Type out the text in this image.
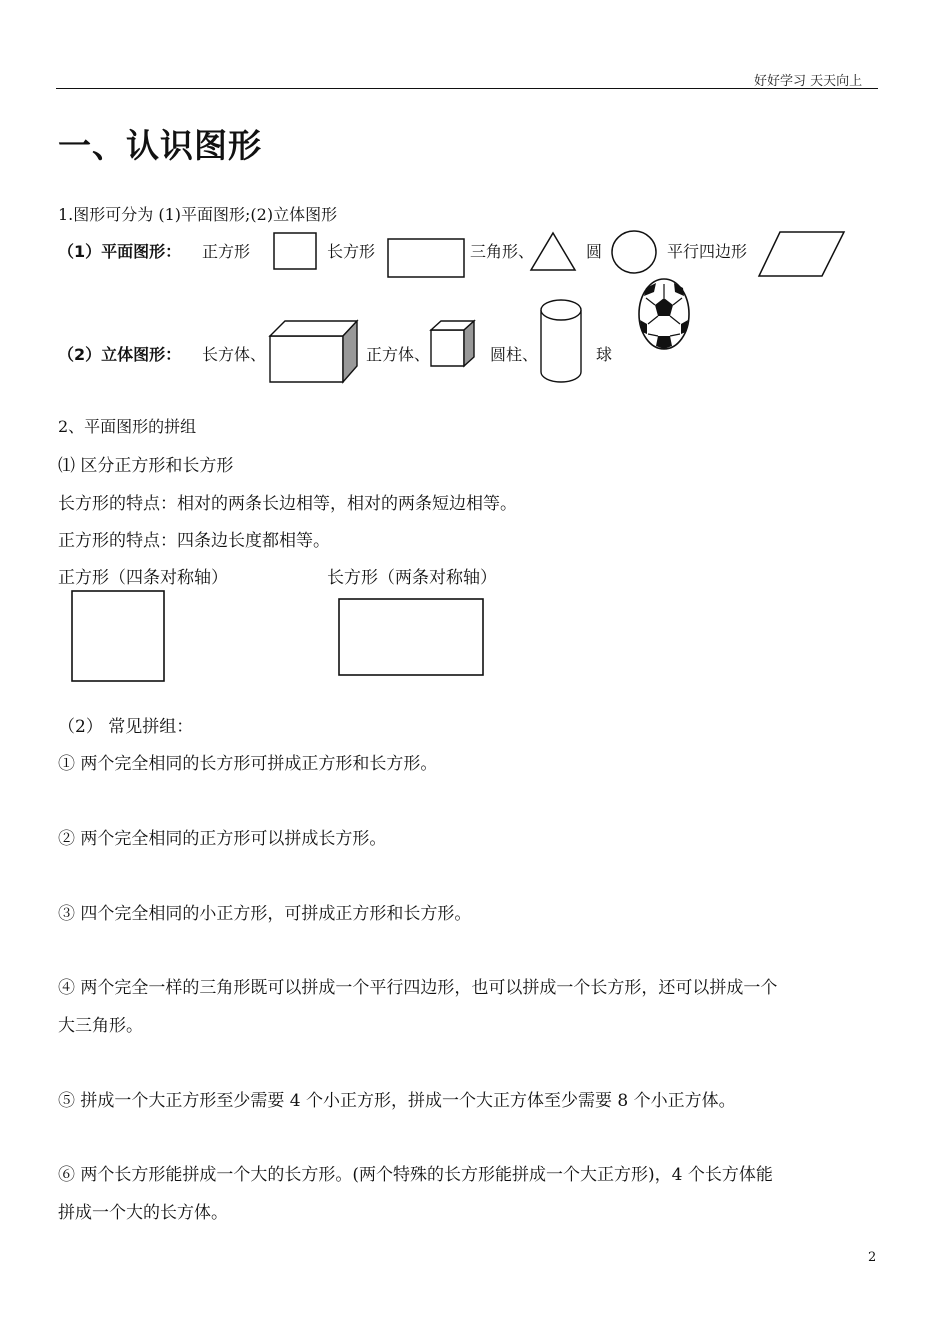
好好学习 天天向上
一、认识图形
1.图形可分为 (1)平面图形;(2)立体图形
（1）平面图形： 正方形	长方形	三角形、	圆	平行四边形
（2）立体图形： 长方体、	正方体、	圆柱、	球
2、平面图形的拼组
⑴ 区分正方形和长方形
长方形的特点：相对的两条长边相等，相对的两条短边相等。
正方形的特点：四条边长度都相等。
正方形（四条对称轴）	长方形（两条对称轴）
（2） 常见拼组：
① 两个完全相同的长方形可拼成正方形和长方形。
② 两个完全相同的正方形可以拼成长方形。
③ 四个完全相同的小正方形，可拼成正方形和长方形。
④ 两个完全一样的三角形既可以拼成一个平行四边形，也可以拼成一个长方形，还可以拼成一个
大三角形。
⑤ 拼成一个大正方形至少需要 4 个小正方形，拼成一个大正方体至少需要 8 个小正方体。
⑥ 两个长方形能拼成一个大的长方形。(两个特殊的长方形能拼成一个大正方形)，4 个长方体能
拼成一个大的长方体。
2
